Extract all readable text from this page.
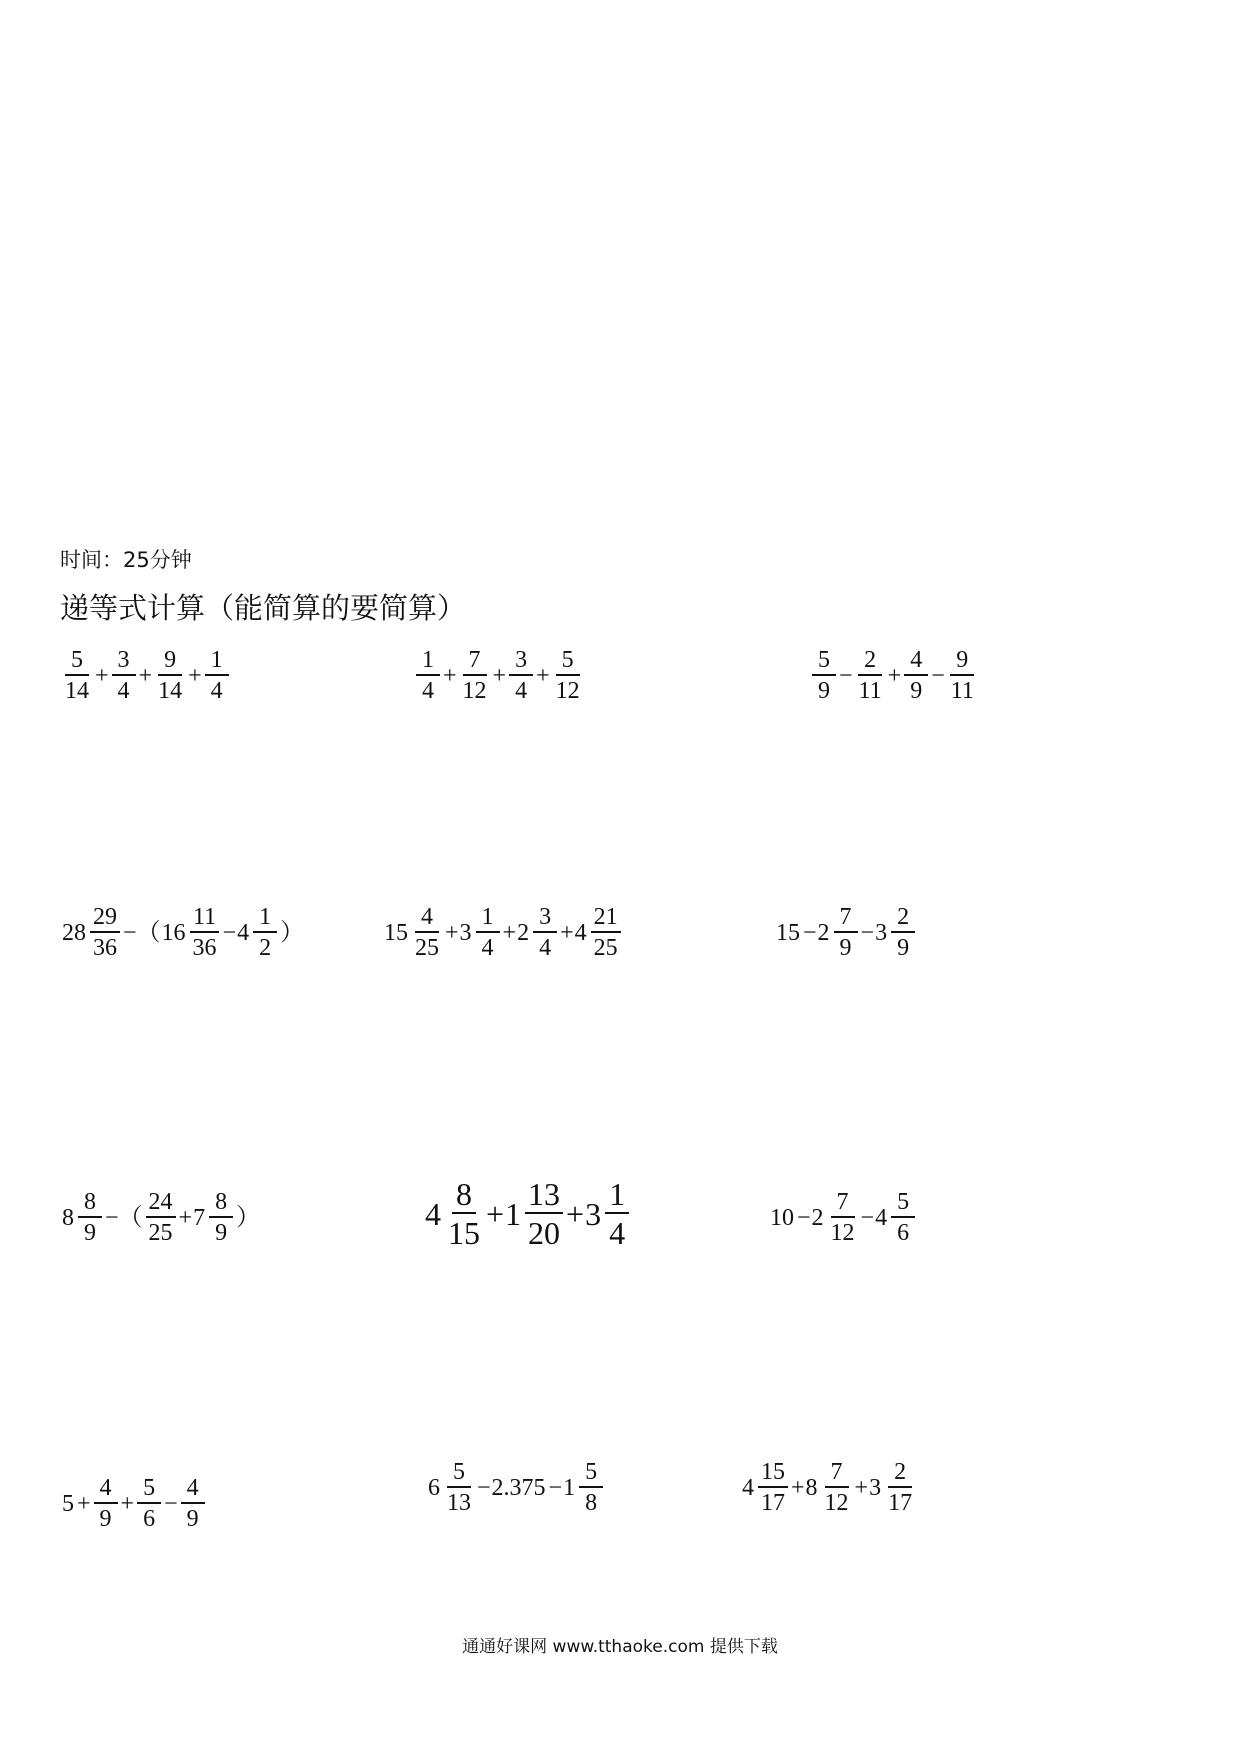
时间：25分钟
递等式计算（能简算的要简算）
$\frac{5}{14} + \frac{3}{4} + \frac{9}{14} + \frac{1}{4}$	$\frac{1}{4} + \frac{7}{12} + \frac{3}{4} + \frac{5}{12}$	$\frac{5}{9} - \frac{2}{11} + \frac{4}{9} - \frac{9}{11}$
$28 \frac{29}{36}$ −（ $16 \frac{11}{36} - 4 \frac{1}{2}$ ）	$15 \frac{4}{25} + 3 \frac{1}{4} + 2 \frac{3}{4} + 4 \frac{21}{25}$	$15 - 2 \frac{7}{9} - 3 \frac{2}{9}$
$8 \frac{8}{9}$ −（ $\frac{24}{25} + 7 \frac{8}{9}$ ）	$4 \frac{8}{15} + 1 \frac{13}{20} + 3 \frac{1}{4}$	$10 - 2 \frac{7}{12} - 4 \frac{5}{6}$
$5 + \frac{4}{9} + \frac{5}{6} - \frac{4}{9}$	$6 \frac{5}{13} - 2.375 - 1 \frac{5}{8}$	$4 \frac{15}{17} + 8 \frac{7}{12} + 3 \frac{2}{17}$
通通好课网 www.tthaoke.com 提供下载
